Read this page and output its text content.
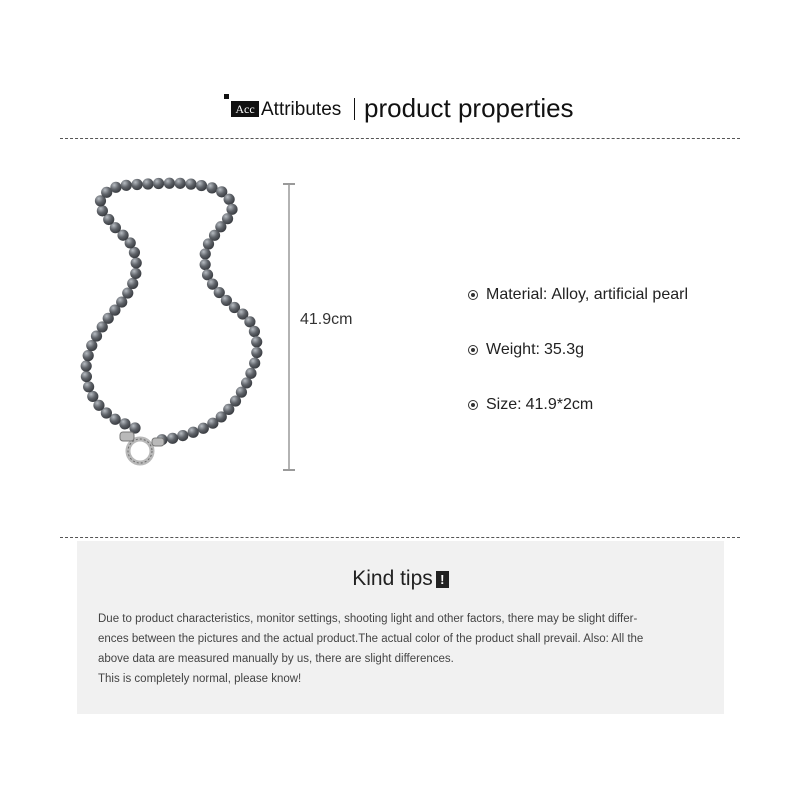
Acc Attributes product properties
41.9cm
Material: Alloy, artificial pearl
Weight: 35.3g
Size: 41.9*2cm
Kind tips !

Due to product characteristics, monitor settings, shooting light and other factors, there may be slight differ-

ences between the pictures and the actual product.The actual color of the product shall prevail. Also: All the

above data are measured manually by us, there are slight differences.

This is completely normal, please know!
